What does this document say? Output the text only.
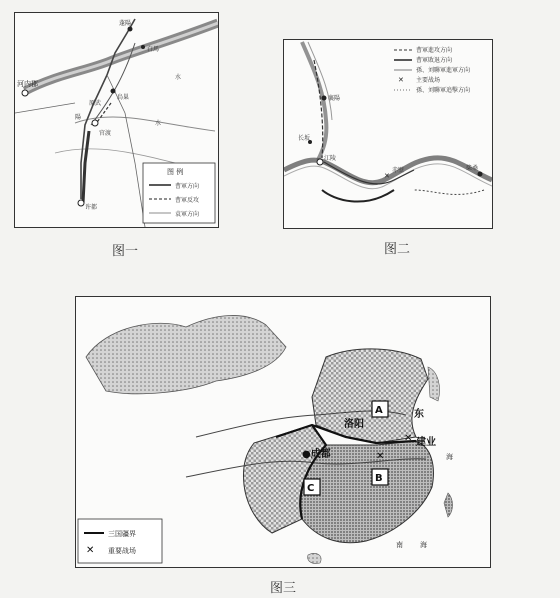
河内郡
蓬陽
白馬
原武
烏巢
官渡
许都
陽
水
水
图 例
曹軍方向
曹軍反攻
袁軍方向
图一
✕
襄陽
长坂
江陵
赤壁	柴桑
曹軍進攻方向
曹軍敗退方向
孫、刘聯軍進軍方向
✕ 主要战场
孫、刘聯軍追擊方向
图二
A
B
C
洛阳
●成都
建业
东
海
南 海
✕
✕
三国疆界
✕ 重要战场
图三
